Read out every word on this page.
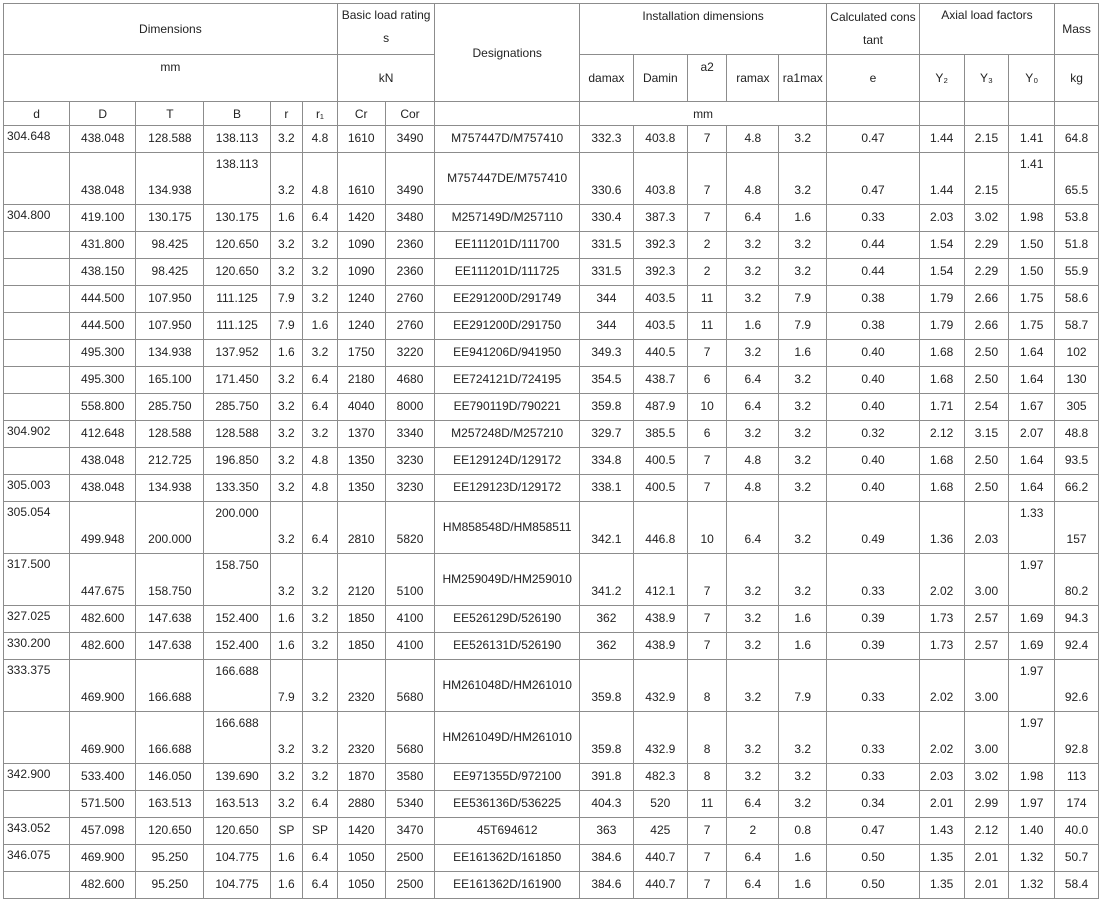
Dimensions						Basic load ratings		Designations	Installation dimensions					Calculated constant	Axial load factors			Mass
mm						kN			damax	Damin	a2	ramax	ra1max	e	Y₂	Y₃	Y₀	kg
d	D	T	B	r	r₁	Cr	Cor		mm									
304.648	438.048	128.588	138.113	3.2	4.8	1610	3490	M757447D/M757410	332.3	403.8	7	4.8	3.2	0.47	1.44	2.15	1.41	64.8
	438.048	134.938	138.113	3.2	4.8	1610	3490	M757447DE/M757410	330.6	403.8	7	4.8	3.2	0.47	1.44	2.15	1.41	65.5
304.800	419.100	130.175	130.175	1.6	6.4	1420	3480	M257149D/M257110	330.4	387.3	7	6.4	1.6	0.33	2.03	3.02	1.98	53.8
	431.800	98.425	120.650	3.2	3.2	1090	2360	EE111201D/111700	331.5	392.3	2	3.2	3.2	0.44	1.54	2.29	1.50	51.8
	438.150	98.425	120.650	3.2	3.2	1090	2360	EE111201D/111725	331.5	392.3	2	3.2	3.2	0.44	1.54	2.29	1.50	55.9
	444.500	107.950	111.125	7.9	3.2	1240	2760	EE291200D/291749	344	403.5	11	3.2	7.9	0.38	1.79	2.66	1.75	58.6
	444.500	107.950	111.125	7.9	1.6	1240	2760	EE291200D/291750	344	403.5	11	1.6	7.9	0.38	1.79	2.66	1.75	58.7
	495.300	134.938	137.952	1.6	3.2	1750	3220	EE941206D/941950	349.3	440.5	7	3.2	1.6	0.40	1.68	2.50	1.64	102
	495.300	165.100	171.450	3.2	6.4	2180	4680	EE724121D/724195	354.5	438.7	6	6.4	3.2	0.40	1.68	2.50	1.64	130
	558.800	285.750	285.750	3.2	6.4	4040	8000	EE790119D/790221	359.8	487.9	10	6.4	3.2	0.40	1.71	2.54	1.67	305
304.902	412.648	128.588	128.588	3.2	3.2	1370	3340	M257248D/M257210	329.7	385.5	6	3.2	3.2	0.32	2.12	3.15	2.07	48.8
	438.048	212.725	196.850	3.2	4.8	1350	3230	EE129124D/129172	334.8	400.5	7	4.8	3.2	0.40	1.68	2.50	1.64	93.5
305.003	438.048	134.938	133.350	3.2	4.8	1350	3230	EE129123D/129172	338.1	400.5	7	4.8	3.2	0.40	1.68	2.50	1.64	66.2
305.054	499.948	200.000	200.000	3.2	6.4	2810	5820	HM858548D/HM858511	342.1	446.8	10	6.4	3.2	0.49	1.36	2.03	1.33	157
317.500	447.675	158.750	158.750	3.2	3.2	2120	5100	HM259049D/HM259010	341.2	412.1	7	3.2	3.2	0.33	2.02	3.00	1.97	80.2
327.025	482.600	147.638	152.400	1.6	3.2	1850	4100	EE526129D/526190	362	438.9	7	3.2	1.6	0.39	1.73	2.57	1.69	94.3
330.200	482.600	147.638	152.400	1.6	3.2	1850	4100	EE526131D/526190	362	438.9	7	3.2	1.6	0.39	1.73	2.57	1.69	92.4
333.375	469.900	166.688	166.688	7.9	3.2	2320	5680	HM261048D/HM261010	359.8	432.9	8	3.2	7.9	0.33	2.02	3.00	1.97	92.6
	469.900	166.688	166.688	3.2	3.2	2320	5680	HM261049D/HM261010	359.8	432.9	8	3.2	3.2	0.33	2.02	3.00	1.97	92.8
342.900	533.400	146.050	139.690	3.2	3.2	1870	3580	EE971355D/972100	391.8	482.3	8	3.2	3.2	0.33	2.03	3.02	1.98	113
	571.500	163.513	163.513	3.2	6.4	2880	5340	EE536136D/536225	404.3	520	11	6.4	3.2	0.34	2.01	2.99	1.97	174
343.052	457.098	120.650	120.650	SP	SP	1420	3470	45T694612	363	425	7	2	0.8	0.47	1.43	2.12	1.40	40.0
346.075	469.900	95.250	104.775	1.6	6.4	1050	2500	EE161362D/161850	384.6	440.7	7	6.4	1.6	0.50	1.35	2.01	1.32	50.7
	482.600	95.250	104.775	1.6	6.4	1050	2500	EE161362D/161900	384.6	440.7	7	6.4	1.6	0.50	1.35	2.01	1.32	58.4
